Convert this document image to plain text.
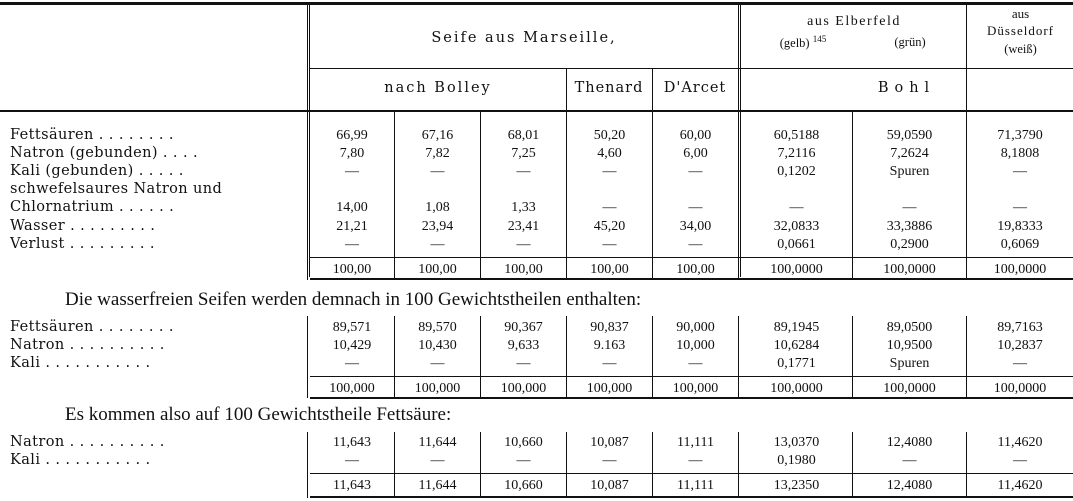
Seife aus Marseille,
aus Elberfeld
(gelb) $^{145}$	(grün)
aus
Düsseldorf
(weiß)
nach Bolley	Thenard	D'Arcet	Bohl
Fettsäuren . . . . . . . .	66,99	67,16	68,01	50,20	60,00	60,5188	59,0590	71,3790
Natron (gebunden) . . . .	7,80	7,82	7,25	4,60	6,00	7,2116	7,2624	8,1808
Kali (gebunden) . . . . .	—	—	—	—	—	0,1202	Spuren	—
schwefelsaures Natron und
Chlornatrium . . . . . .	14,00	1,08	1,33	—	—	—	—	—
Wasser . . . . . . . . .	21,21	23,94	23,41	45,20	34,00	32,0833	33,3886	19,8333
Verlust . . . . . . . . .	—	—	—	—	—	0,0661	0,2900	0,6069
100,00	100,00	100,00	100,00	100,00	100,0000	100,0000	100,0000
Die wasserfreien Seifen werden demnach in 100 Gewichtstheilen enthalten:
Fettsäuren . . . . . . . .	89,571	89,570	90,367	90,837	90,000	89,1945	89,0500	89,7163
Natron . . . . . . . . . .	10,429	10,430	9,633	9.163	10,000	10,6284	10,9500	10,2837
Kali . . . . . . . . . . .	—	—	—	—	—	0,1771	Spuren	—
100,000	100,000	100,000	100,000	100,000	100,0000	100,0000	100,0000
Es kommen also auf 100 Gewichtstheile Fettsäure:
Natron . . . . . . . . . .	11,643	11,644	10,660	10,087	11,111	13,0370	12,4080	11,4620
Kali . . . . . . . . . . .	—	—	—	—	—	0,1980	—	—
11,643	11,644	10,660	10,087	11,111	13,2350	12,4080	11,4620
